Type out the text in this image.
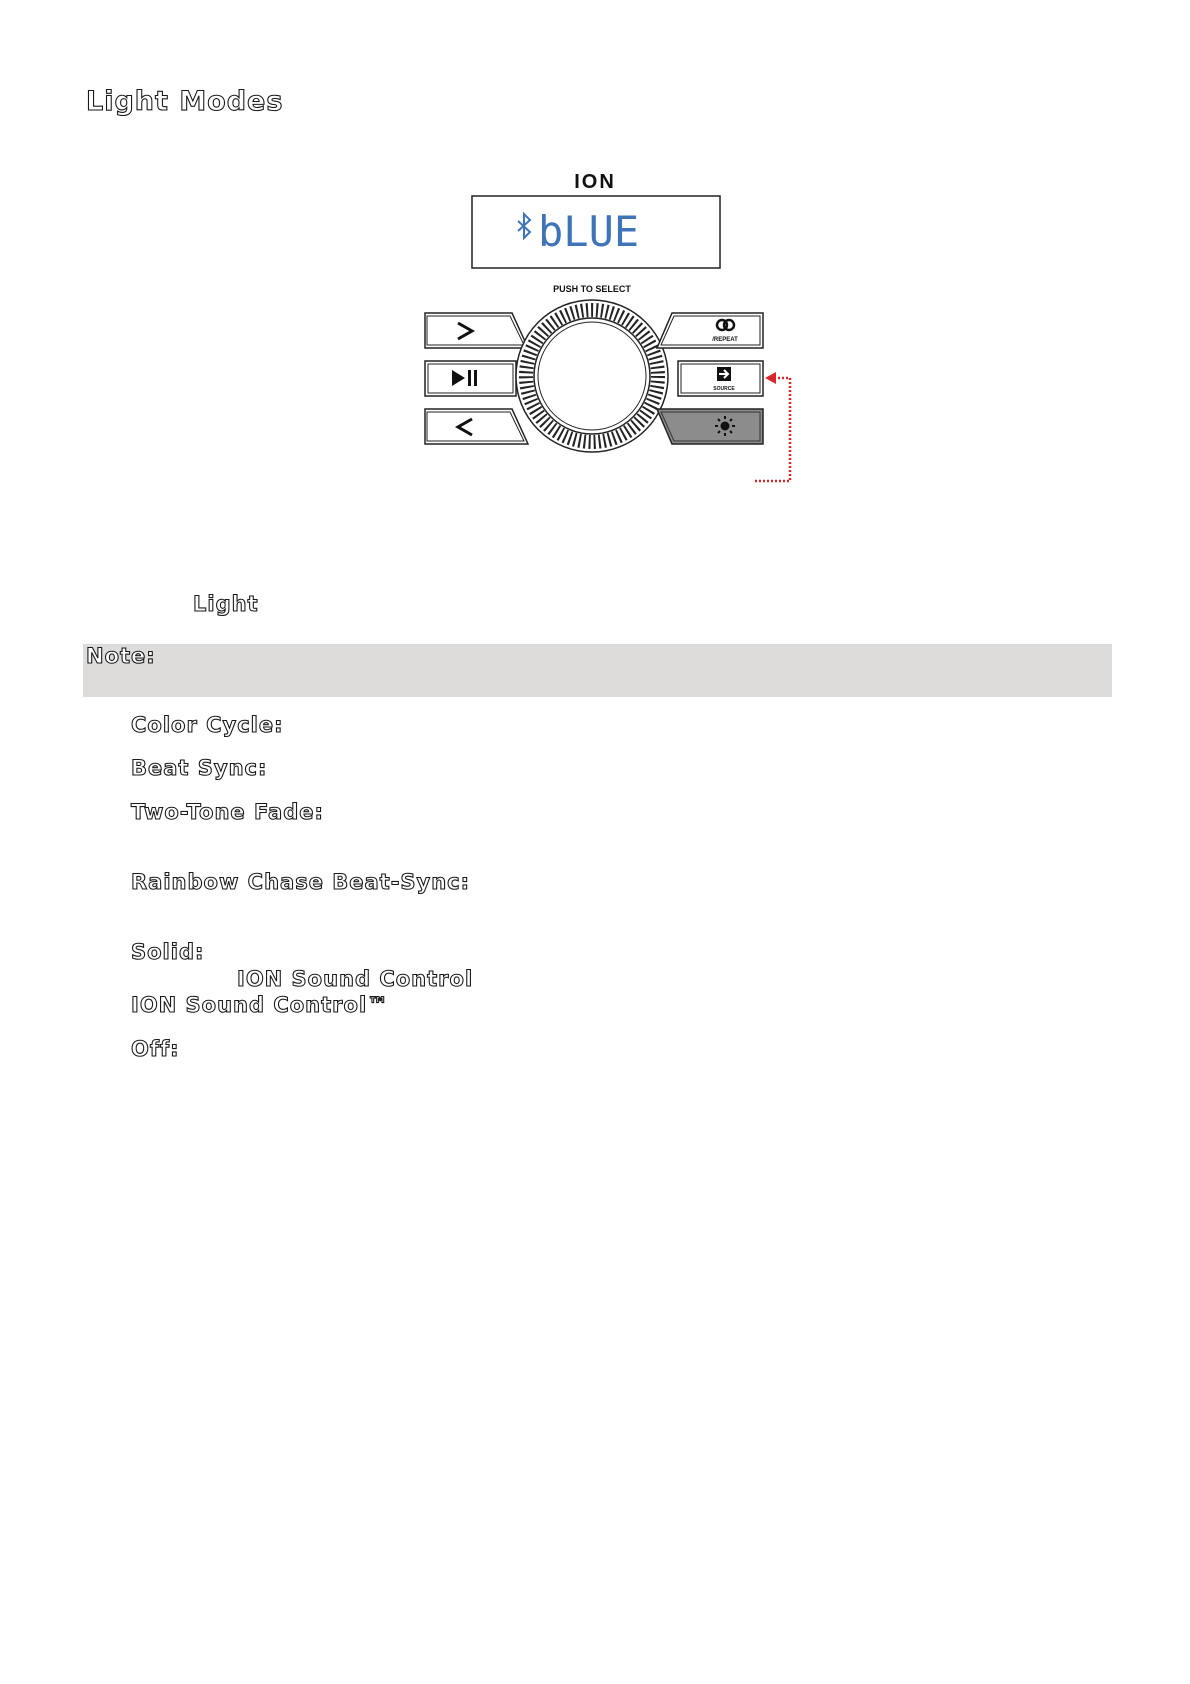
Light Modes
ION
bLUE
PUSH TO SELECT
/REPEAT
SOURCE
Light
Note:
Color Cycle:
Beat Sync:
Two-Tone Fade:
Rainbow Chase Beat-Sync:
Solid:
ION Sound Control
ION Sound Control™
Off:
